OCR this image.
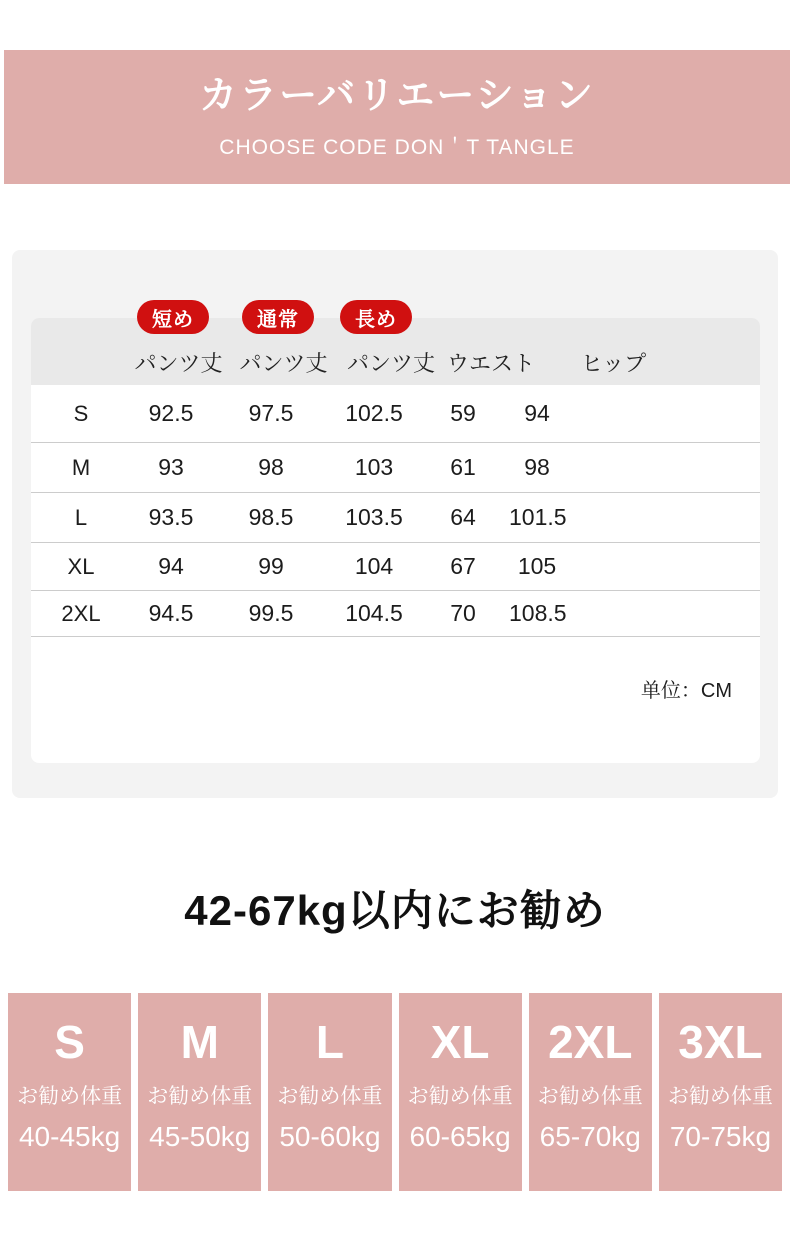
カラーバリエーション
CHOOSE CODE DON＇T TANGLE
短め	通常	長め
パンツ丈 パンツ丈 パンツ丈 ウエスト	ヒップ
S	92.5	97.5	102.5	59	94
M	93	98	103	61	98
L	93.5	98.5	103.5	64	101.5
XL	94	99	104	67	105
2XL	94.5	99.5	104.5	70	108.5
单位：CM
42-67kg以内にお勧め
S
お勧め体重
40-45kg
M
お勧め体重
45-50kg
L
お勧め体重
50-60kg
XL
お勧め体重
60-65kg
2XL
お勧め体重
65-70kg
3XL
お勧め体重
70-75kg
